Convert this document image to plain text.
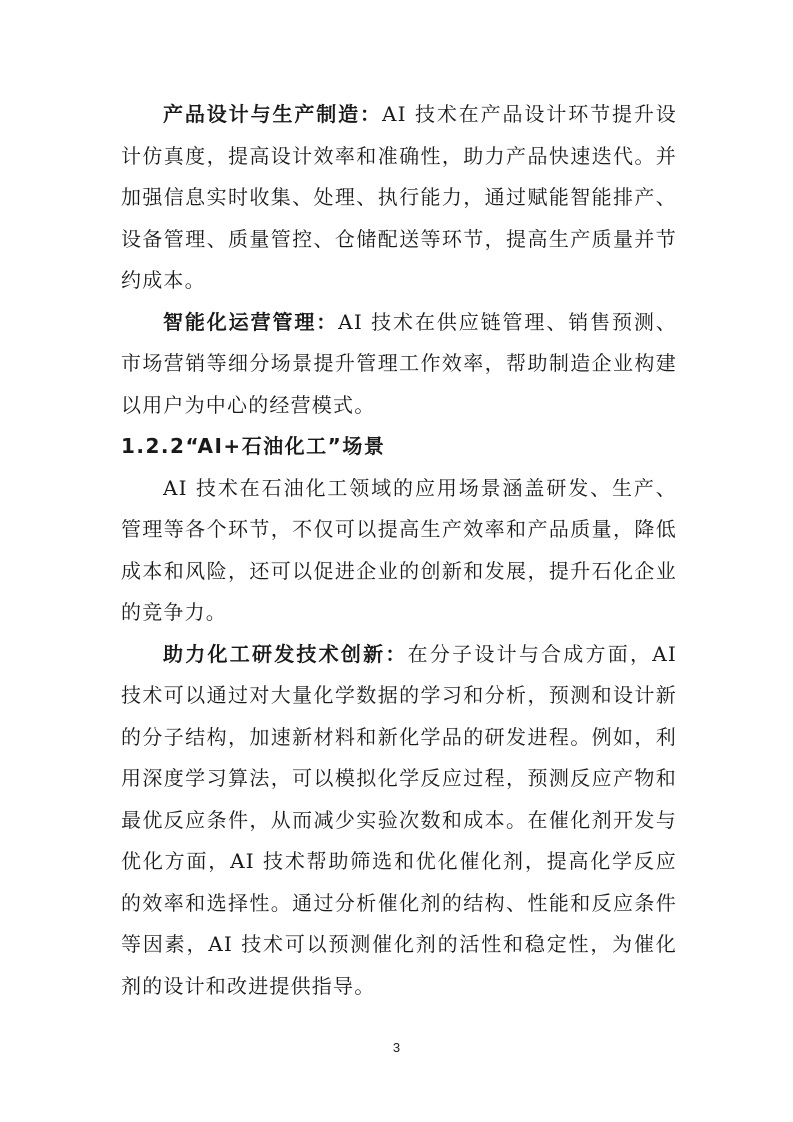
产品设计与生产制造：AI 技术在产品设计环节提升设计仿真度，提高设计效率和准确性，助力产品快速迭代。并加强信息实时收集、处理、执行能力，通过赋能智能排产、设备管理、质量管控、仓储配送等环节，提高生产质量并节约成本。

智能化运营管理：AI 技术在供应链管理、销售预测、市场营销等细分场景提升管理工作效率，帮助制造企业构建以用户为中心的经营模式。

1.2.2“AI+石油化工”场景

AI 技术在石油化工领域的应用场景涵盖研发、生产、管理等各个环节，不仅可以提高生产效率和产品质量，降低成本和风险，还可以促进企业的创新和发展，提升石化企业的竞争力。

助力化工研发技术创新：在分子设计与合成方面，AI 技术可以通过对大量化学数据的学习和分析，预测和设计新的分子结构，加速新材料和新化学品的研发进程。例如，利用深度学习算法，可以模拟化学反应过程，预测反应产物和最优反应条件，从而减少实验次数和成本。在催化剂开发与优化方面，AI 技术帮助筛选和优化催化剂，提高化学反应的效率和选择性。通过分析催化剂的结构、性能和反应条件等因素，AI 技术可以预测催化剂的活性和稳定性，为催化剂的设计和改进提供指导。

3
